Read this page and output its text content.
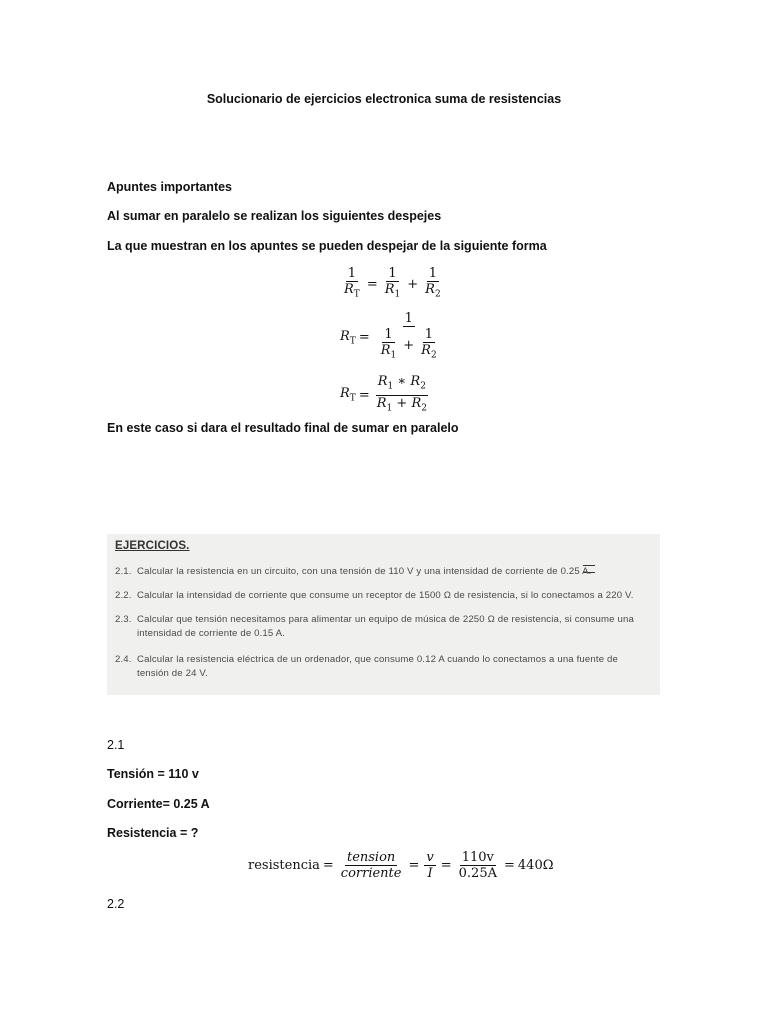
Solucionario de ejercicios electronica suma de resistencias
Apuntes importantes
Al sumar en paralelo se realizan los siguientes despejes
La que muestran en los apuntes se pueden despejar de la siguiente forma
$\frac{1}{R_T} = \frac{1}{R_1} + \frac{1}{R_2}$
$R_T$ =
1
$\frac{1}{R_1} + \frac{1}{R_2}$
$R_T = \frac{R_1 ∗ R_2}{R_1 + R_2}$
En este caso si dara el resultado final de sumar en paralelo
EJERCICIOS.
2.1. Calcular la resistencia en un circuito, con una tensión de 110 V y una intensidad de corriente de 0.25 A.
2.2. Calcular la intensidad de corriente que consume un receptor de 1500 Ω de resistencia, si lo conectamos a 220 V.
2.3. Calcular que tensión necesitamos para alimentar un equipo de música de 2250 Ω de resistencia, si consume una intensidad de corriente de 0.15 A.
2.4. Calcular la resistencia eléctrica de un ordenador, que consume 0.12 A cuando lo conectamos a una fuente de tensión de 24 V.
2.1
Tensión = 110 v
Corriente= 0.25 A
Resistencia = ?
resistencia = $\frac{\text{tension}}{\text{corriente}} = \frac{v}{I} = \frac{110v}{0.25A} = 440\Omega$
2.2
